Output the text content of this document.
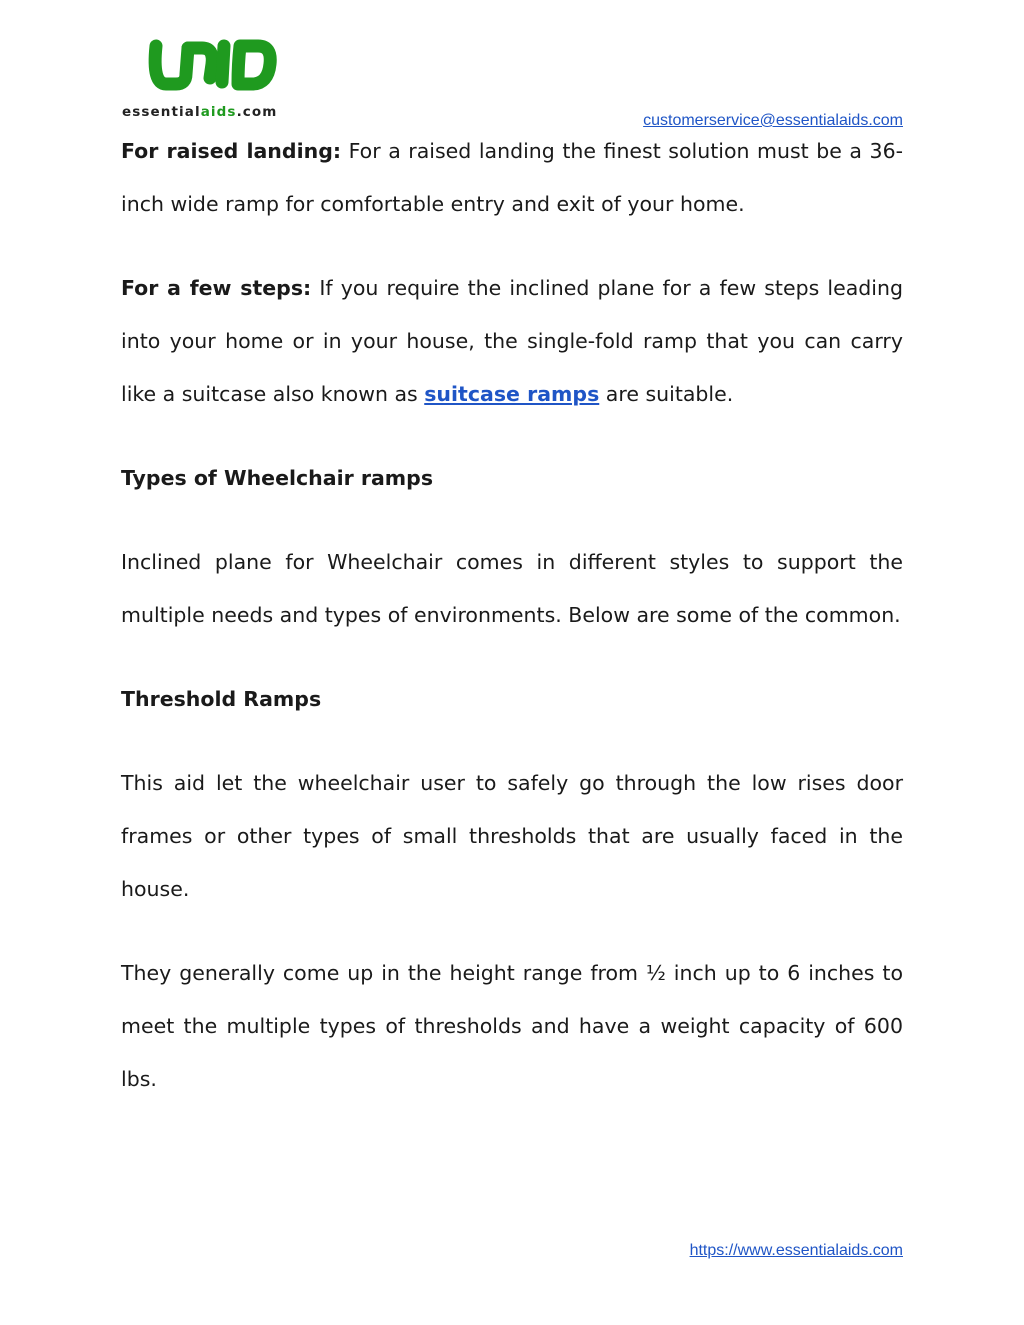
essentialaids.com	customerservice@essentialaids.com

For raised landing: For a raised landing the finest solution must be a 36-inch wide ramp for comfortable entry and exit of your home.

For a few steps: If you require the inclined plane for a few steps leading into your home or in your house, the single-fold ramp that you can carry like a suitcase also known as suitcase ramps are suitable.

Types of Wheelchair ramps

Inclined plane for Wheelchair comes in different styles to support the multiple needs and types of environments. Below are some of the common.

Threshold Ramps

This aid let the wheelchair user to safely go through the low rises door frames or other types of small thresholds that are usually faced in the house.

They generally come up in the height range from ½ inch up to 6 inches to meet the multiple types of thresholds and have a weight capacity of 600 lbs.

https://www.essentialaids.com
